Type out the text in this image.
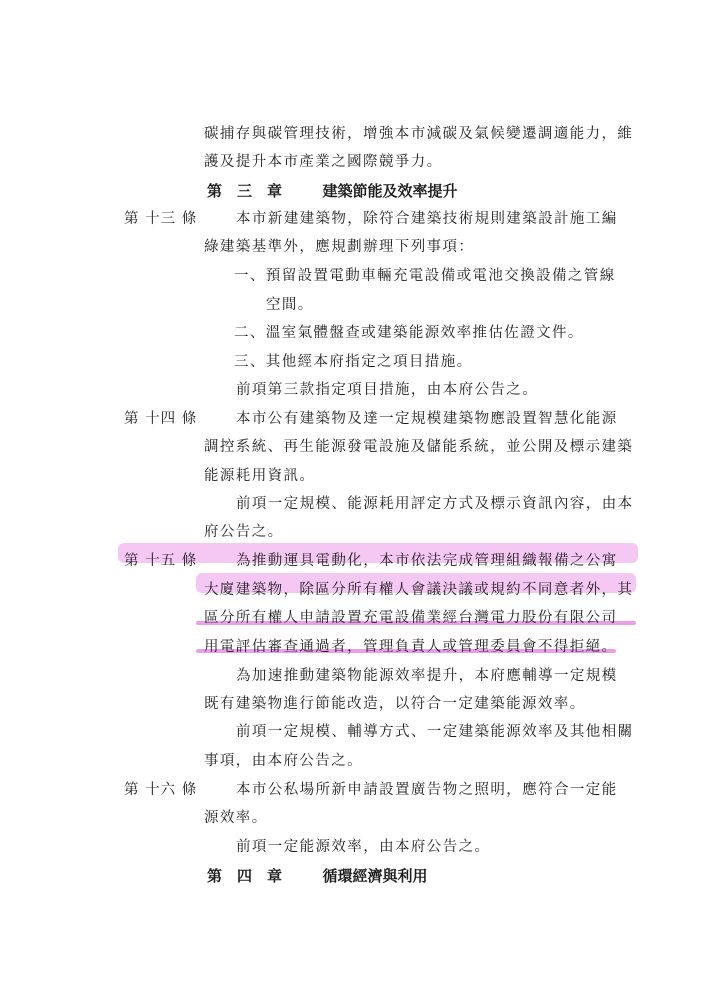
碳捕存與碳管理技術，增強本市減碳及氣候變遷調適能力，維
護及提升本市產業之國際競爭力。
第　三　章	建築節能及效率提升
第 十三 條	本市新建建築物，除符合建築技術規則建築設計施工編
綠建築基準外，應規劃辦理下列事項：
一、預留設置電動車輛充電設備或電池交換設備之管線
空間。
二、溫室氣體盤查或建築能源效率推估佐證文件。
三、其他經本府指定之項目措施。
前項第三款指定項目措施，由本府公告之。
第 十四 條	本市公有建築物及達一定規模建築物應設置智慧化能源
調控系統、再生能源發電設施及儲能系統，並公開及標示建築
能源耗用資訊。
前項一定規模、能源耗用評定方式及標示資訊內容，由本
府公告之。
第 十五 條	為推動運具電動化，本市依法完成管理組織報備之公寓
大廈建築物，除區分所有權人會議決議或規約不同意者外，其
區分所有權人申請設置充電設備業經台灣電力股份有限公司
用電評估審查通過者，管理負責人或管理委員會不得拒絕。
為加速推動建築物能源效率提升，本府應輔導一定規模
既有建築物進行節能改造，以符合一定建築能源效率。
前項一定規模、輔導方式、一定建築能源效率及其他相關
事項，由本府公告之。
第 十六 條	本市公私場所新申請設置廣告物之照明，應符合一定能
源效率。
前項一定能源效率，由本府公告之。
第　四　章	循環經濟與利用
